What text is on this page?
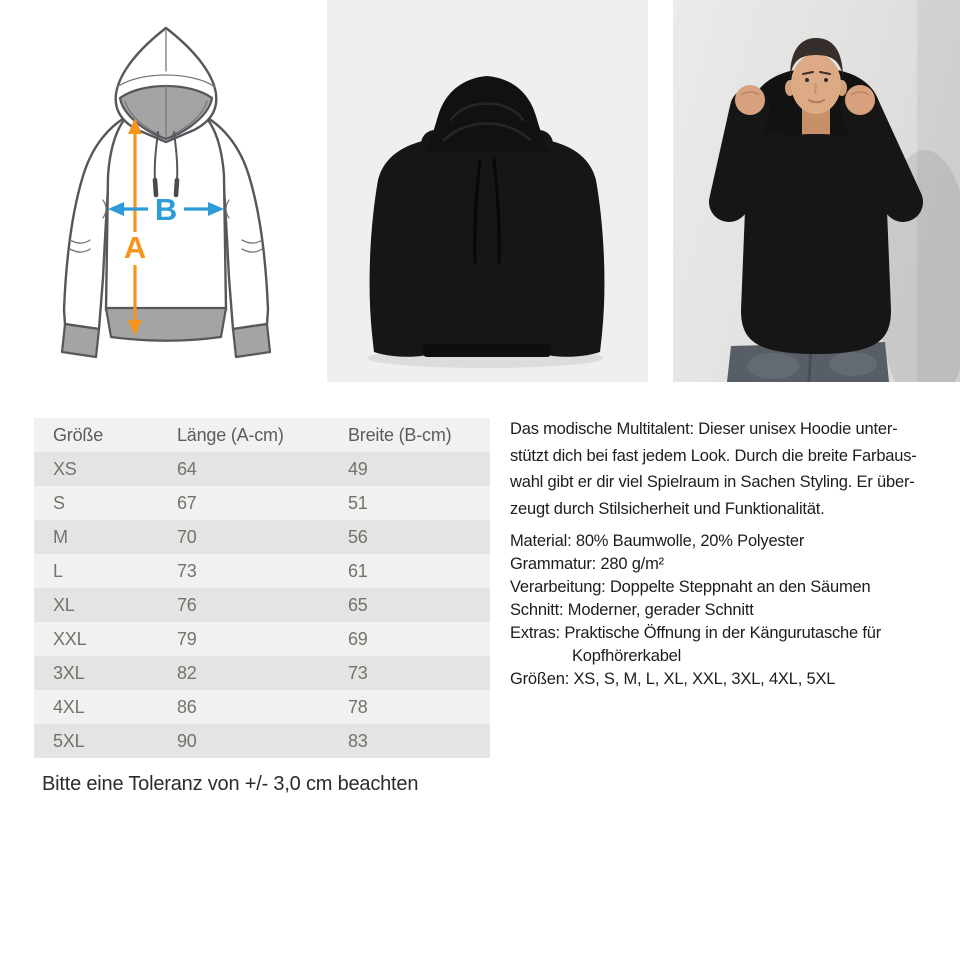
A
B
Größe	Länge (A-cm)	Breite (B-cm)
XS	64	49
S	67	51
M	70	56
L	73	61
XL	76	65
XXL	79	69
3XL	82	73
4XL	86	78
5XL	90	83
Das modische Multitalent: Dieser unisex Hoodie unter-
stützt dich bei fast jedem Look. Durch die breite Farbaus-
wahl gibt er dir viel Spielraum in Sachen Styling. Er über-
zeugt durch Stilsicherheit und Funktionalität.
Material: 80% Baumwolle, 20% Polyester
Grammatur: 280 g/m²
Verarbeitung: Doppelte Steppnaht an den Säumen
Schnitt: Moderner, gerader Schnitt
Extras: Praktische Öffnung in der Kängurutasche für
Kopfhörerkabel
Größen: XS, S, M, L, XL, XXL, 3XL, 4XL, 5XL
Bitte eine Toleranz von +/- 3,0 cm beachten
